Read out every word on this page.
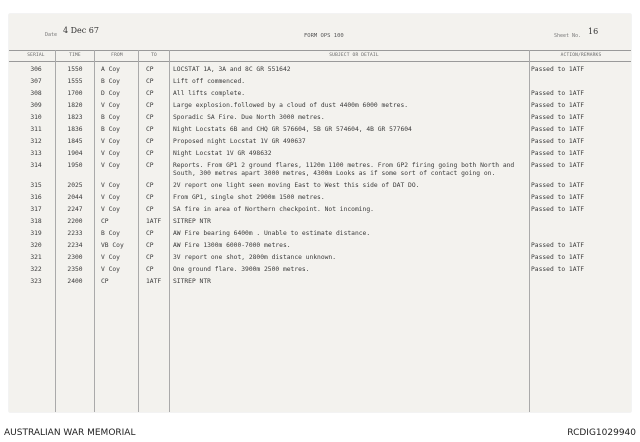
Date 4 Dec 67
FORM OPS 100	Sheet No. 16
SERIAL	TIME	FROM	TO	SUBJECT OR DETAIL	ACTION/REMARKS
306	1550	A Coy	CP	LOCSTAT 1A, 3A and 8C GR 551642	Passed to 1ATF
307	1555	B Coy	CP	Lift off commenced.
308	1700	D Coy	CP	All lifts complete.	Passed to 1ATF
309	1820	V Coy	CP	Large explosion.followed by a cloud of dust 4400m 6000 metres.	Passed to 1ATF
310	1823	B Coy	CP	Sporadic SA Fire. Due North 3000 metres.	Passed to 1ATF
311	1836	B Coy	CP	Night Locstats 6B and CHQ GR 576604, 5B GR 574604, 4B GR 577604	Passed to 1ATF
312	1845	V Coy	CP	Proposed night Locstat 1V GR 490637	Passed to 1ATF
313	1904	V Coy	CP	Night Locstat 1V GR 498632	Passed to 1ATF
314	1950	V Coy	CP	Reports. From GP1 2 ground flares, 1120m 1100 metres. From GP2 firing going both North and
South, 300 metres apart 3000 metres, 4300m Looks as if some sort of contact going on.
Passed to 1ATF
315	2025	V Coy	CP	2V report one light seen moving East to West this side of DAT DO.	Passed to 1ATF
316	2044	V Coy	CP	From GP1, single shot 2900m 1500 metres.	Passed to 1ATF
317	2247	V Coy	CP	SA fire in area of Northern checkpoint. Not incoming.	Passed to 1ATF
318	2200	CP	1ATF	SITREP NTR
319	2233	B Coy	CP	AW Fire bearing 6400m . Unable to estimate distance.
320	2234	VB Coy	CP	AW Fire 1300m 6000-7000 metres.	Passed to 1ATF
321	2300	V Coy	CP	3V report one shot, 2800m distance unknown.	Passed to 1ATF
322	2350	V Coy	CP	One ground flare. 3900m 2500 metres.	Passed to 1ATF
323	2400	CP	1ATF	SITREP NTR
AUSTRALIAN WAR MEMORIAL	RCDIG1029940
